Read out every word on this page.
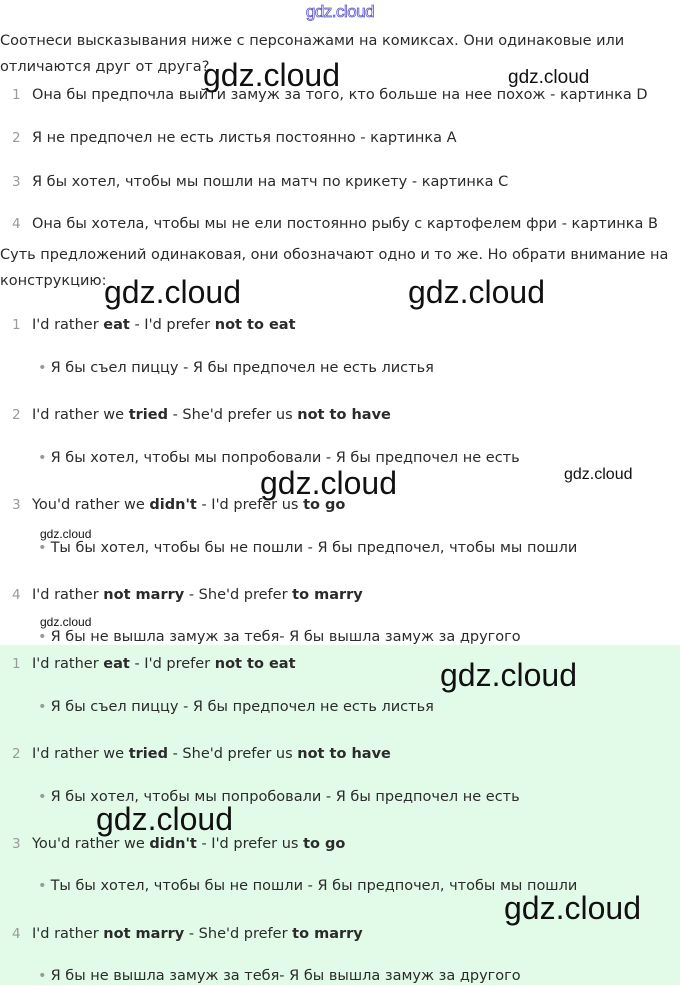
gdz.cloud
Соотнеси высказывания ниже с персонажами на комиксах. Они одинаковые или отличаются друг от друга?
1 Она бы предпочла выйти замуж за того, кто больше на нее похож - картинка D
2 Я не предпочел не есть листья постоянно - картинка A
3 Я бы хотел, чтобы мы пошли на матч по крикету - картинка C
4 Она бы хотела, чтобы мы не ели постоянно рыбу с картофелем фри - картинка B
Суть предложений одинаковая, они обозначают одно и то же. Но обрати внимание на конструкцию:
1 I'd rather eat - I'd prefer not to eat
• Я бы съел пиццу - Я бы предпочел не есть листья
2 I'd rather we tried - She'd prefer us not to have
• Я бы хотел, чтобы мы попробовали - Я бы предпочел не есть
3 You'd rather we didn't - I'd prefer us to go
• Ты бы хотел, чтобы бы не пошли - Я бы предпочел, чтобы мы пошли
4 I'd rather not marry - She'd prefer to marry
• Я бы не вышла замуж за тебя- Я бы вышла замуж за другого
1 I'd rather eat - I'd prefer not to eat
• Я бы съел пиццу - Я бы предпочел не есть листья
2 I'd rather we tried - She'd prefer us not to have
• Я бы хотел, чтобы мы попробовали - Я бы предпочел не есть
3 You'd rather we didn't - I'd prefer us to go
• Ты бы хотел, чтобы бы не пошли - Я бы предпочел, чтобы мы пошли
4 I'd rather not marry - She'd prefer to marry
• Я бы не вышла замуж за тебя- Я бы вышла замуж за другого
gdz.cloud	gdz.cloud
gdz.cloud	gdz.cloud
gdz.cloud	gdz.cloud
gdz.cloud
gdz.cloud
gdz.cloud
gdz.cloud
gdz.cloud
